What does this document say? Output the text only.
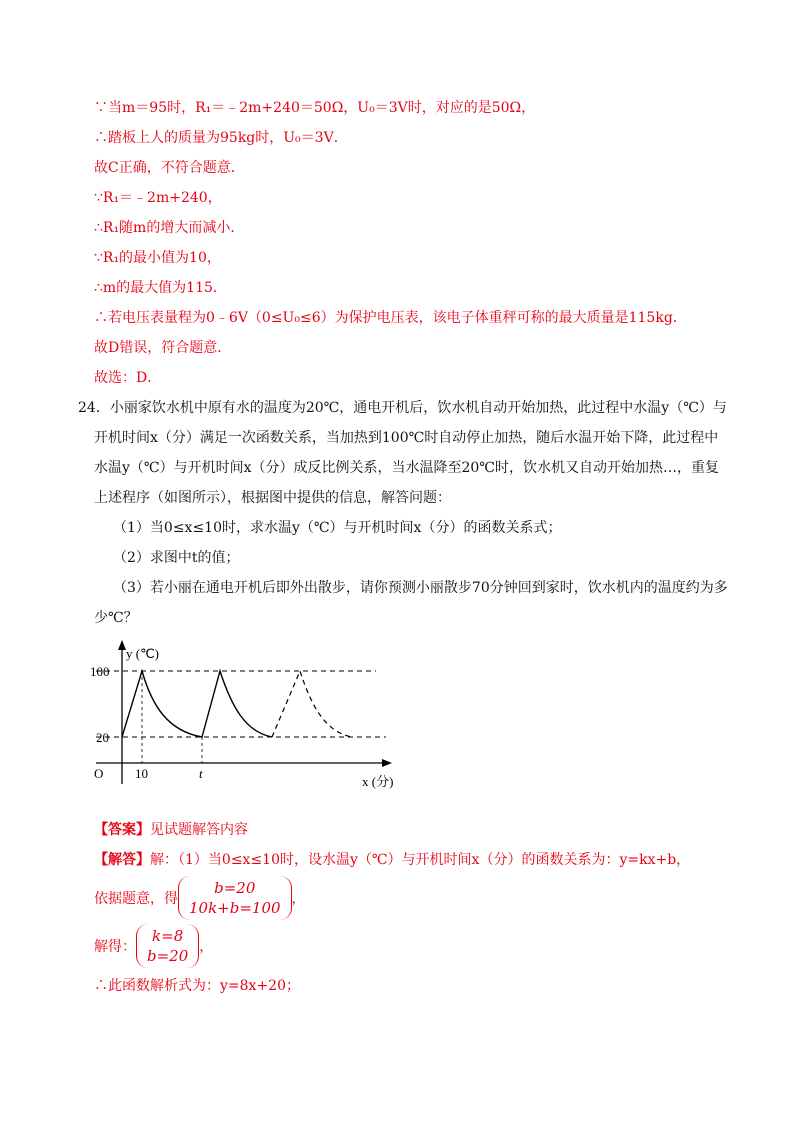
∵当m＝95时，R₁＝﹣2m+240＝50Ω，U₀＝3V时，对应的是50Ω，

∴踏板上人的质量为95kg时，U₀＝3V．

故C正确，不符合题意．

∵R₁＝﹣2m+240，

∴R₁随m的增大而减小．

∵R₁的最小值为10，

∴m的最大值为115．

∴若电压表量程为0﹣6V（0≤U₀≤6）为保护电压表，该电子体重秤可称的最大质量是115kg．

故D错误，符合题意．

故选：D．

24．小丽家饮水机中原有水的温度为20℃，通电开机后，饮水机自动开始加热，此过程中水温y（℃）与

开机时间x（分）满足一次函数关系，当加热到100℃时自动停止加热，随后水温开始下降，此过程中

水温y（℃）与开机时间x（分）成反比例关系，当水温降至20℃时，饮水机又自动开始加热…，重复

上述程序（如图所示），根据图中提供的信息，解答问题：

（1）当0≤x≤10时，求水温y（℃）与开机时间x（分）的函数关系式；

（2）求图中t的值；

（3）若小丽在通电开机后即外出散步，请你预测小丽散步70分钟回到家时，饮水机内的温度约为多

少℃？

100
20
O 10	t
y (℃)
x (分)

【答案】见试题解答内容

【解答】解：（1）当0≤x≤10时，设水温y（℃）与开机时间x（分）的函数关系为：y=kx+b，

依据题意，得
b=20
10k+b=100 ，
解得：
k=8
b=20 ，

∴此函数解析式为：y=8x+20；
